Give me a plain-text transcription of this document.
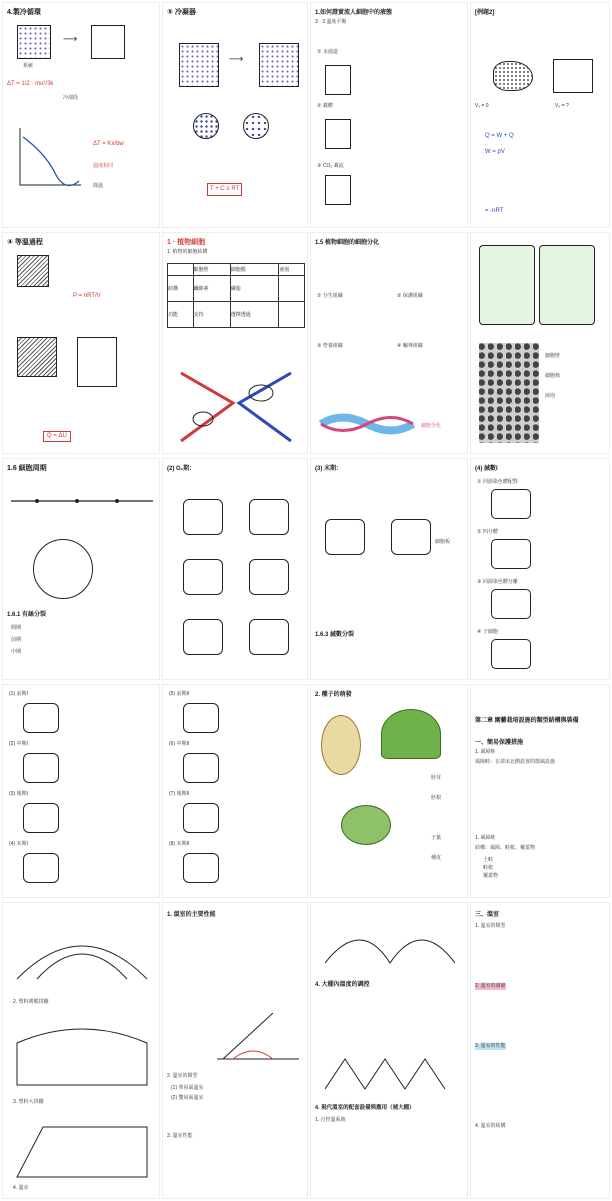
4.製冷循環
⟶
系統
ΔT = 1/2 · mu²/3k
冷卻段
ΔT = Kx/bw
溫度相同
降溫
⑤ 冷凝器
⟶
T + C ≥ RT
1.如何證實流人細胞中的液態
3 · 3 溫度平衡
① 水通道
② 載體
③ CO₂ 載流
[例題2]
V₁ = 0	V₂ = ?
Q = W + Q
W = pV
= -nRT
④ 等溫過程
P = nRT/V
Q = ΔU
1 · 植物細胞
1. 植物的細胞結構
	細胞壁	細胞膜	液泡
結構	纖維素	磷脂	
功能	支持	選擇透過	
1.5 植物細胞的細胞分化
① 分生組織	② 保護組織
③ 營養組織	④ 輸導組織
細胞分化
細胞壁
細胞核
液泡
1.6 細胞周期
1.6.1 有絲分裂
間期
前期
中期
(2) G₁期：	(3) 末期：
細胞板
1.6.3 減數分裂
(4) 減數I
① 同源染色體配對
② 四分體
③ 同源染色體分離
④ 子細胞
(1) 前期I
(2) 中期I
(3) 後期I
(4) 末期I
(5) 前期II
(6) 中期II
(7) 後期II
(8) 末期II
2. 種子的萌發
胚芽
胚根
子葉
種皮
第二章 園藝栽培設施的類型結構與裝備
一、簡易保護措施
1. 風障畦
風障畦：在苗床北側設置的擋風設施
1. 風障畦
結構：風障、畦框、覆蓋物
土畦
畦框
覆蓋物
2. 塑料薄膜拱棚
3. 塑料大拱棚
4. 溫室
1. 溫室的主要性能
2. 溫室的類型
(1) 單屋面溫室
(2) 雙屋面溫室
3. 溫室性能
4. 大棚內溫度的調控
4. 現代溫室的配套設備與應用（補大棚）
1. 自控溫系統
三、溫室
1. 溫室的類型
2. 溫室的調節
3. 溫室的性能
4. 溫室的結構
